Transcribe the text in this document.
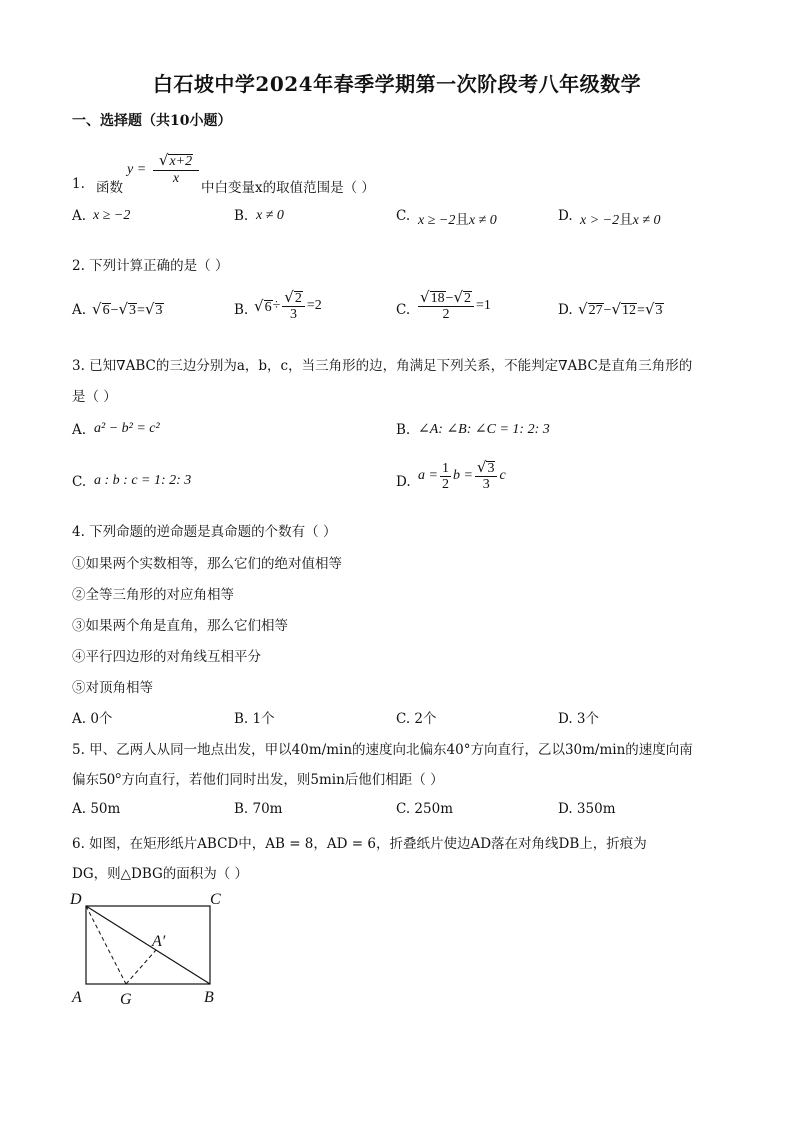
白石坡中学2024年春季学期第一次阶段考八年级数学
一、选择题（共10小题）
1. 函数
y =
√x+2
x
中白变量x的取值范围是（ ）
A. x ≥ −2	B. x ≠ 0	C. x ≥ −2且x ≠ 0	D. x > −2且x ≠ 0
2. 下列计算正确的是（ ）
A. √6−√3=√3	B. $√6\div \frac{√2}{3} =2$	C. $\frac{√18-√2}{2} =1$	D. √27−√12=√3
3. 已知∇ABC的三边分别为a，b，c，当三角形的边，角满足下列关系，不能判定∇ABC是直角三角形的
是（ ）
A. a² − b² = c²	B. ∠A: ∠B: ∠C = 1: 2: 3
C. a : b : c = 1: 2: 3	D. $a = \frac{1}{2}$ $b = \frac{√3}{3}$ c
4. 下列命题的逆命题是真命题的个数有（ ）
①如果两个实数相等，那么它们的绝对值相等
②全等三角形的对应角相等
③如果两个角是直角，那么它们相等
④平行四边形的对角线互相平分
⑤对顶角相等
A. 0个	B. 1个	C. 2个	D. 3个
5. 甲、乙两人从同一地点出发，甲以40m/min的速度向北偏东40°方向直行，乙以30m/min的速度向南
偏东50°方向直行，若他们同时出发，则5min后他们相距（ ）
A. 50m	B. 70m	C. 250m	D. 350m
6. 如图，在矩形纸片ABCD中，AB = 8，AD = 6，折叠纸片使边AD落在对角线DB上，折痕为
DG，则△DBG的面积为（ ）
D	C
A	B
G
A′
